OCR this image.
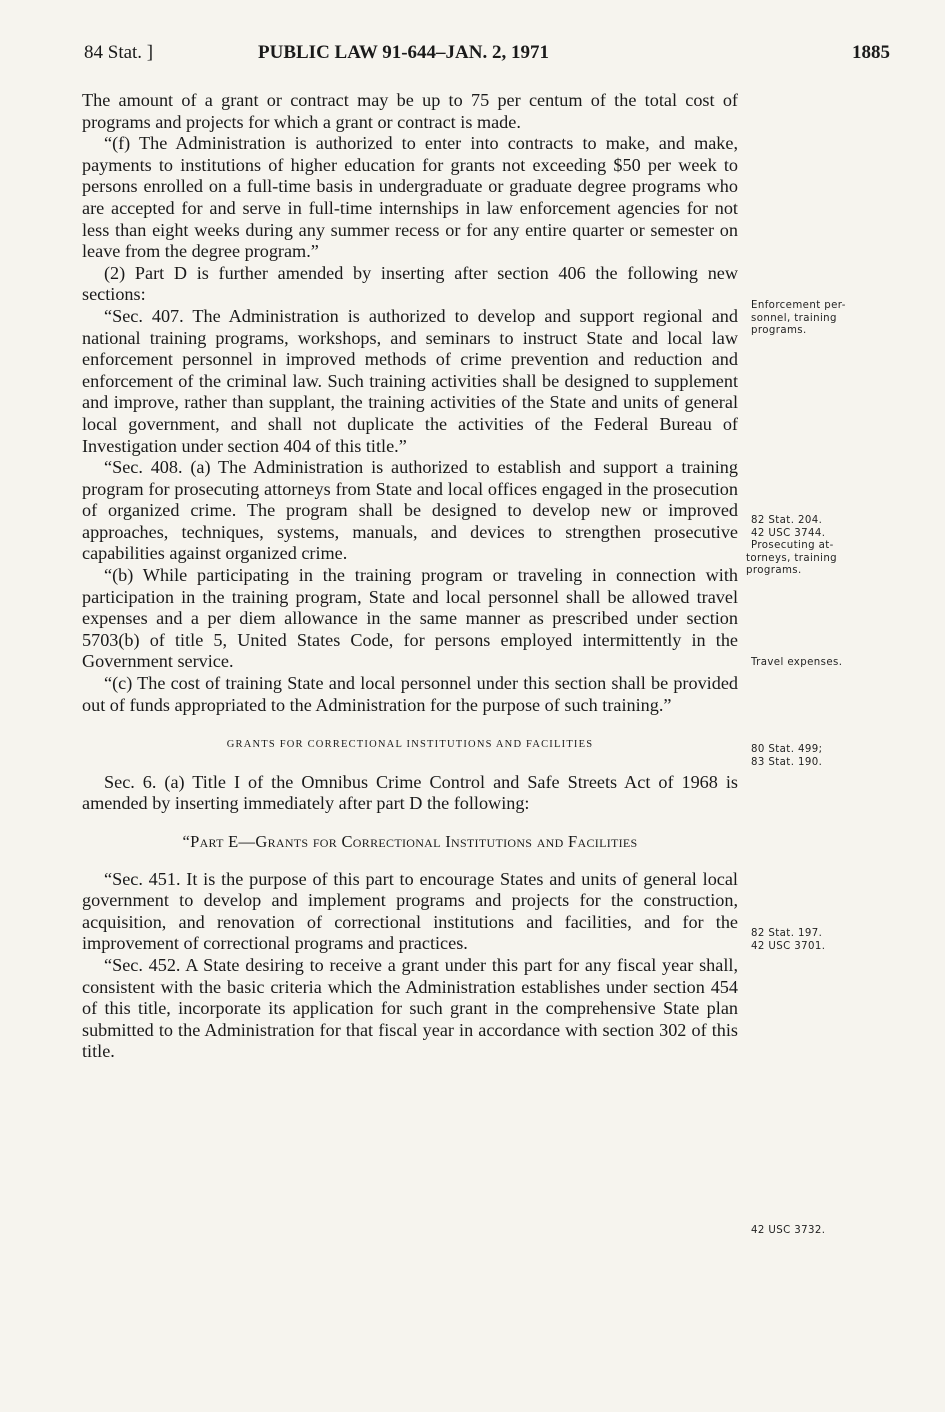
84 Stat. ]	PUBLIC LAW 91-644–JAN. 2, 1971	1885

The amount of a grant or contract may be up to 75 per centum of the total cost of programs and projects for which a grant or contract is made.

“(f) The Administration is authorized to enter into contracts to make, and make, payments to institutions of higher education for grants not exceeding $50 per week to persons enrolled on a full-time basis in undergraduate or graduate degree programs who are accepted for and serve in full-time internships in law enforcement agencies for not less than eight weeks during any summer recess or for any entire quarter or semester on leave from the degree program.”

(2) Part D is further amended by inserting after section 406 the following new sections:

“Sec. 407. The Administration is authorized to develop and support regional and national training programs, workshops, and seminars to instruct State and local law enforcement personnel in improved methods of crime prevention and reduction and enforcement of the criminal law. Such training activities shall be designed to supplement and improve, rather than supplant, the training activities of the State and units of general local government, and shall not duplicate the activities of the Federal Bureau of Investigation under section 404 of this title.”

“Sec. 408. (a) The Administration is authorized to establish and support a training program for prosecuting attorneys from State and local offices engaged in the prosecution of organized crime. The program shall be designed to develop new or improved approaches, techniques, systems, manuals, and devices to strengthen prosecutive capabilities against organized crime.

“(b) While participating in the training program or traveling in connection with participation in the training program, State and local personnel shall be allowed travel expenses and a per diem allowance in the same manner as prescribed under section 5703(b) of title 5, United States Code, for persons employed intermittently in the Government service.

“(c) The cost of training State and local personnel under this section shall be provided out of funds appropriated to the Administration for the purpose of such training.”

GRANTS FOR CORRECTIONAL INSTITUTIONS AND FACILITIES

Sec. 6. (a) Title I of the Omnibus Crime Control and Safe Streets Act of 1968 is amended by inserting immediately after part D the following:

“Part E—Grants for Correctional Institutions and Facilities

“Sec. 451. It is the purpose of this part to encourage States and units of general local government to develop and implement programs and projects for the construction, acquisition, and renovation of correctional institutions and facilities, and for the improvement of correctional programs and practices.

“Sec. 452. A State desiring to receive a grant under this part for any fiscal year shall, consistent with the basic criteria which the Administration establishes under section 454 of this title, incorporate its application for such grant in the comprehensive State plan submitted to the Administration for that fiscal year in accordance with section 302 of this title.

Enforcement per-
sonnel, training
programs.
82 Stat. 204.
42 USC 3744.
Prosecuting at-
torneys, training
programs.
Travel expenses.
80 Stat. 499;
83 Stat. 190.
82 Stat. 197.
42 USC 3701.
42 USC 3732.
